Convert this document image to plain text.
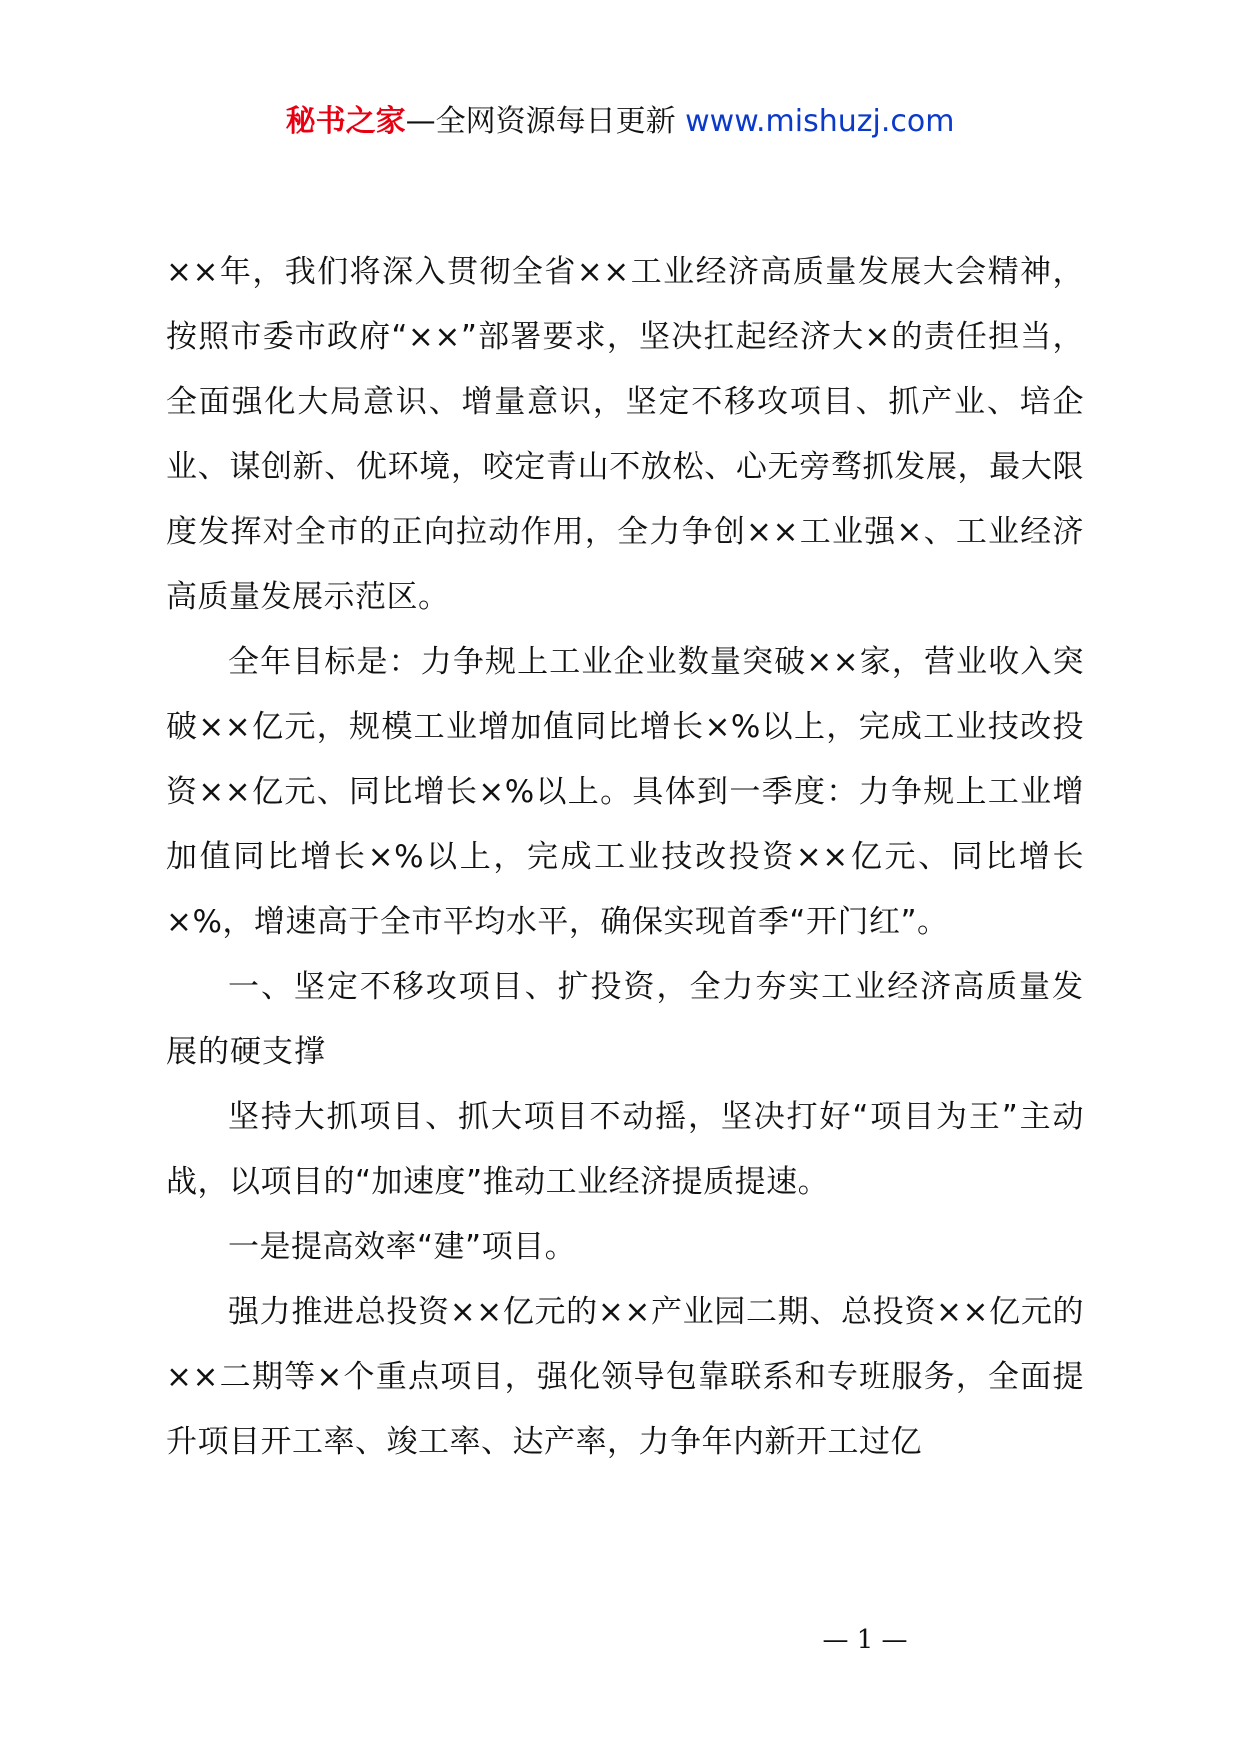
秘书之家—全网资源每日更新 www.mishuzj.com

××年，我们将深入贯彻全省××工业经济高质量发展大会精神，按照市委市政府“××”部署要求，坚决扛起经济大×的责任担当，全面强化大局意识、增量意识，坚定不移攻项目、抓产业、培企业、谋创新、优环境，咬定青山不放松、心无旁骛抓发展，最大限度发挥对全市的正向拉动作用，全力争创××工业强×、工业经济高质量发展示范区。

全年目标是：力争规上工业企业数量突破××家，营业收入突破××亿元，规模工业增加值同比增长×%以上，完成工业技改投资××亿元、同比增长×%以上。具体到一季度：力争规上工业增加值同比增长×%以上，完成工业技改投资××亿元、同比增长×%，增速高于全市平均水平，确保实现首季“开门红”。

一、坚定不移攻项目、扩投资，全力夯实工业经济高质量发展的硬支撑

坚持大抓项目、抓大项目不动摇，坚决打好“项目为王”主动战，以项目的“加速度”推动工业经济提质提速。

一是提高效率“建”项目。

强力推进总投资××亿元的××产业园二期、总投资××亿元的××二期等×个重点项目，强化领导包靠联系和专班服务，全面提升项目开工率、竣工率、达产率，力争年内新开工过亿

— 1 —
